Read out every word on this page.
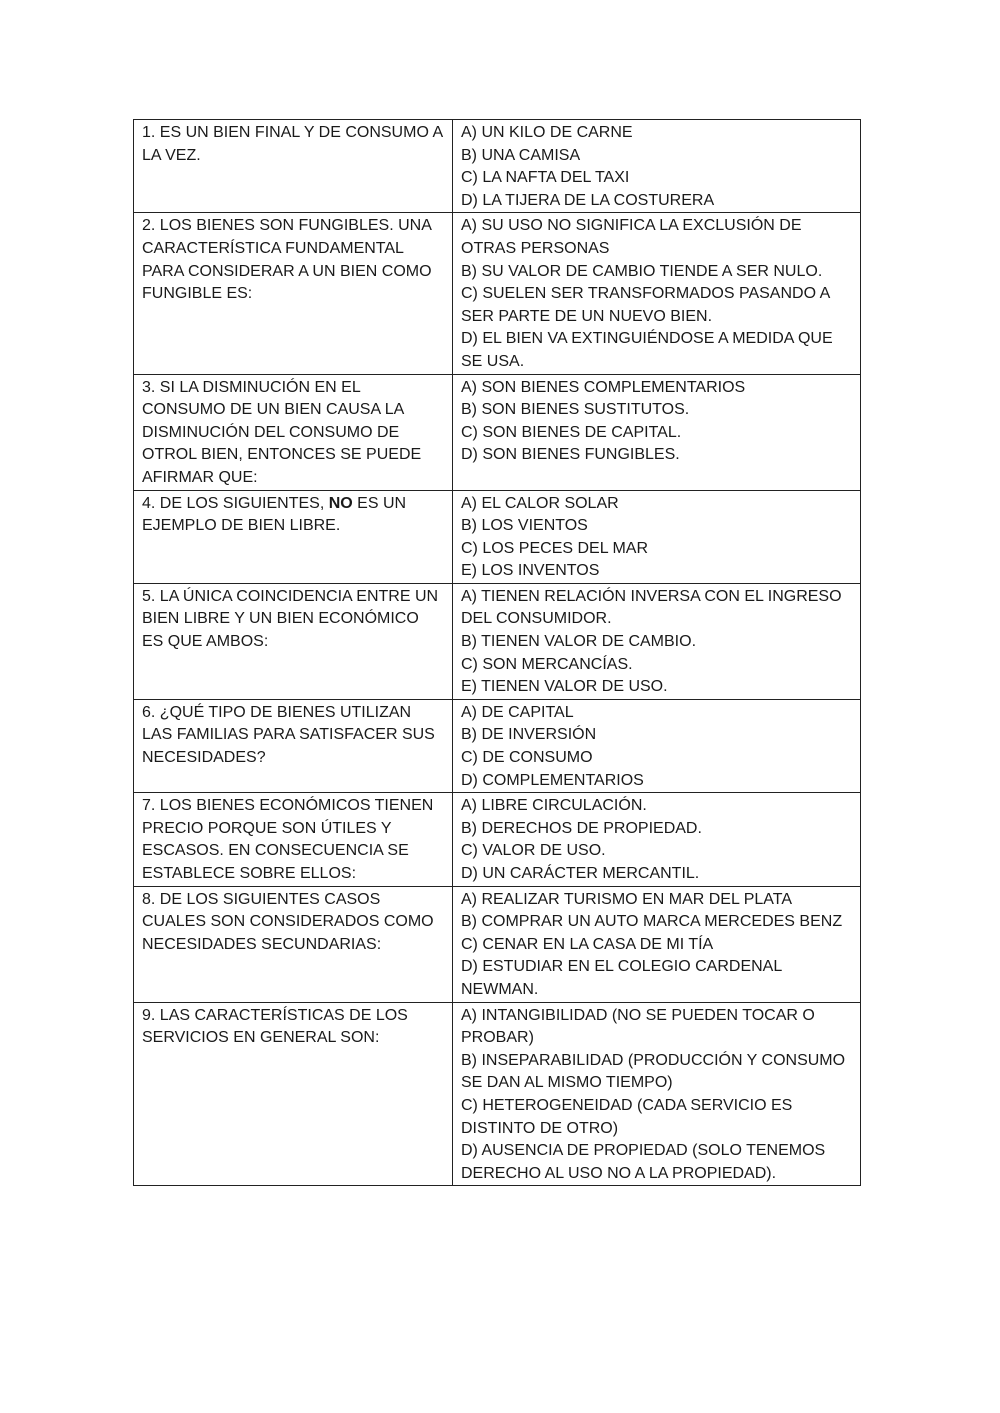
1. ES UN BIEN FINAL Y DE CONSUMO A LA VEZ.	A) UN KILO DE CARNE
B) UNA CAMISA
C) LA NAFTA DEL TAXI
D) LA TIJERA DE LA COSTURERA

2. LOS BIENES SON FUNGIBLES. UNA CARACTERÍSTICA FUNDAMENTAL PARA CONSIDERAR A UN BIEN COMO FUNGIBLE ES:	A) SU USO NO SIGNIFICA LA EXCLUSIÓN DE OTRAS PERSONAS
B) SU VALOR DE CAMBIO TIENDE A SER NULO.
C) SUELEN SER TRANSFORMADOS PASANDO A SER PARTE DE UN NUEVO BIEN.
D) EL BIEN VA EXTINGUIÉNDOSE A MEDIDA QUE SE USA.

3. SI LA DISMINUCIÓN EN EL CONSUMO DE UN BIEN CAUSA LA DISMINUCIÓN DEL CONSUMO DE OTROL BIEN, ENTONCES SE PUEDE AFIRMAR QUE:	A) SON BIENES COMPLEMENTARIOS
B) SON BIENES SUSTITUTOS.
C) SON BIENES DE CAPITAL.
D) SON BIENES FUNGIBLES.

4. DE LOS SIGUIENTES, NO ES UN EJEMPLO DE BIEN LIBRE.	A) EL CALOR SOLAR
B) LOS VIENTOS
C) LOS PECES DEL MAR
E) LOS INVENTOS

5. LA ÚNICA COINCIDENCIA ENTRE UN BIEN LIBRE Y UN BIEN ECONÓMICO ES QUE AMBOS:	A) TIENEN RELACIÓN INVERSA CON EL INGRESO DEL CONSUMIDOR.
B) TIENEN VALOR DE CAMBIO.
C) SON MERCANCÍAS.
E) TIENEN VALOR DE USO.

6. ¿QUÉ TIPO DE BIENES UTILIZAN LAS FAMILIAS PARA SATISFACER SUS NECESIDADES?	A) DE CAPITAL
B) DE INVERSIÓN
C) DE CONSUMO
D) COMPLEMENTARIOS

7. LOS BIENES ECONÓMICOS TIENEN PRECIO PORQUE SON ÚTILES Y ESCASOS. EN CONSECUENCIA SE ESTABLECE SOBRE ELLOS:	A) LIBRE CIRCULACIÓN.
B) DERECHOS DE PROPIEDAD.
C) VALOR DE USO.
D) UN CARÁCTER MERCANTIL.

8. DE LOS SIGUIENTES CASOS CUALES SON CONSIDERADOS COMO NECESIDADES SECUNDARIAS:	A) REALIZAR TURISMO EN MAR DEL PLATA
B) COMPRAR UN AUTO MARCA MERCEDES BENZ
C) CENAR EN LA CASA DE MI TÍA
D) ESTUDIAR EN EL COLEGIO CARDENAL NEWMAN.

9. LAS CARACTERÍSTICAS DE LOS SERVICIOS EN GENERAL SON:	A) INTANGIBILIDAD (NO SE PUEDEN TOCAR O PROBAR)
B) INSEPARABILIDAD (PRODUCCIÓN Y CONSUMO SE DAN AL MISMO TIEMPO)
C) HETEROGENEIDAD (CADA SERVICIO ES DISTINTO DE OTRO)
D) AUSENCIA DE PROPIEDAD (SOLO TENEMOS DERECHO AL USO NO A LA PROPIEDAD).
